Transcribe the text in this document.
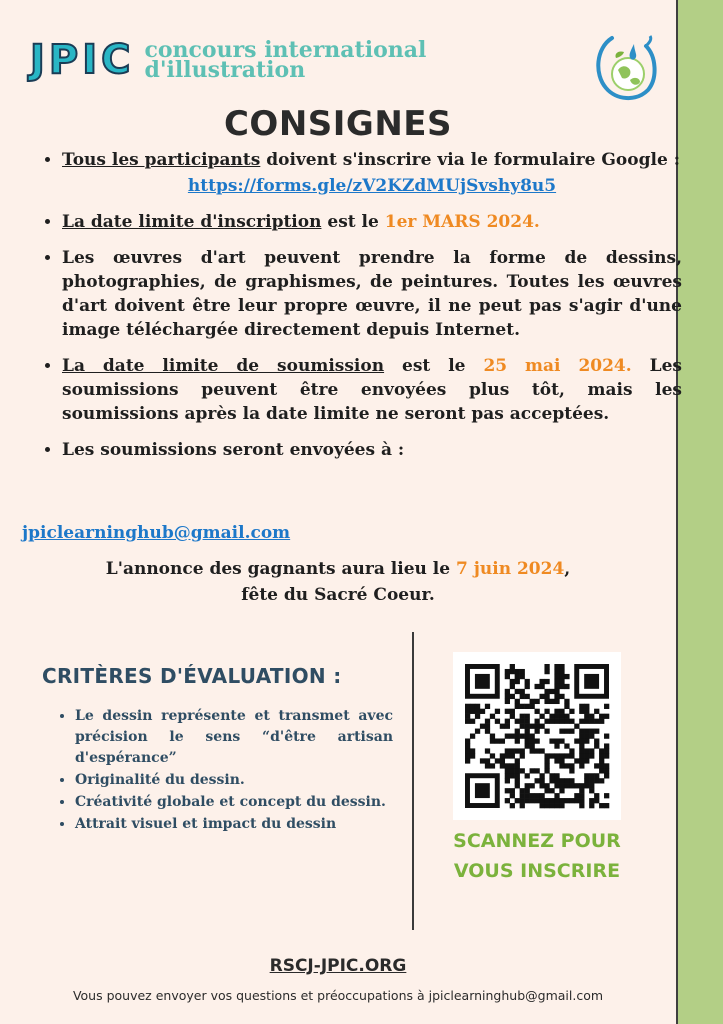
JPIC concours international
d'illustration
CONSIGNES
• Tous les participants doivent s'inscrire via le formulaire Google :
https://forms.gle/zV2KZdMUjSvshy8u5
• La date limite d'inscription est le 1er MARS 2024.
• Les œuvres d'art peuvent prendre la forme de dessins, photographies, de graphismes, de peintures. Toutes les œuvres d'art doivent être leur propre œuvre, il ne peut pas s'agir d'une image téléchargée directement depuis Internet.
• La date limite de soumission est le 25 mai 2024. Les soumissions peuvent être envoyées plus tôt, mais les soumissions après la date limite ne seront pas acceptées.
• Les soumissions seront envoyées à :
jpiclearninghub@gmail.com
L'annonce des gagnants aura lieu le 7 juin 2024,
fête du Sacré Coeur.
CRITÈRES D'ÉVALUATION :
• Le dessin représente et transmet avec précision le sens “d'être artisan d'espérance”
• Originalité du dessin.
• Créativité globale et concept du dessin.
• Attrait visuel et impact du dessin
SCANNEZ POUR
VOUS INSCRIRE
RSCJ-JPIC.ORG
Vous pouvez envoyer vos questions et préoccupations à jpiclearninghub@gmail.com
